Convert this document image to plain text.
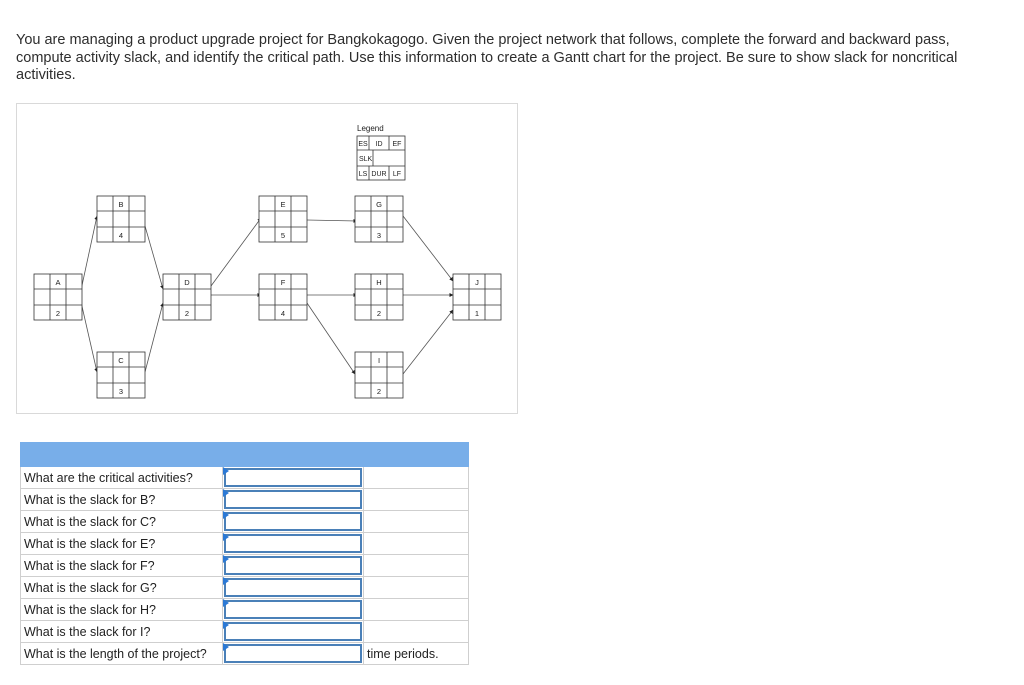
You are managing a product upgrade project for Bangkokagogo. Given the project network that follows, complete the forward and backward pass, compute activity slack, and identify the critical path. Use this information to create a Gantt chart for the project. Be sure to show slack for noncritical activities.
Legend
ES ID EF
SLK
LS DUR LF
A
2
B
4
C
3
D
2
E
5
F
4
G
3
H
2
I
2
J
1

What are the critical activities?	

What is the slack for B?	

What is the slack for C?	

What is the slack for E?	

What is the slack for F?	

What is the slack for G?	

What is the slack for H?	

What is the slack for I?	

What is the length of the project?		time periods.
